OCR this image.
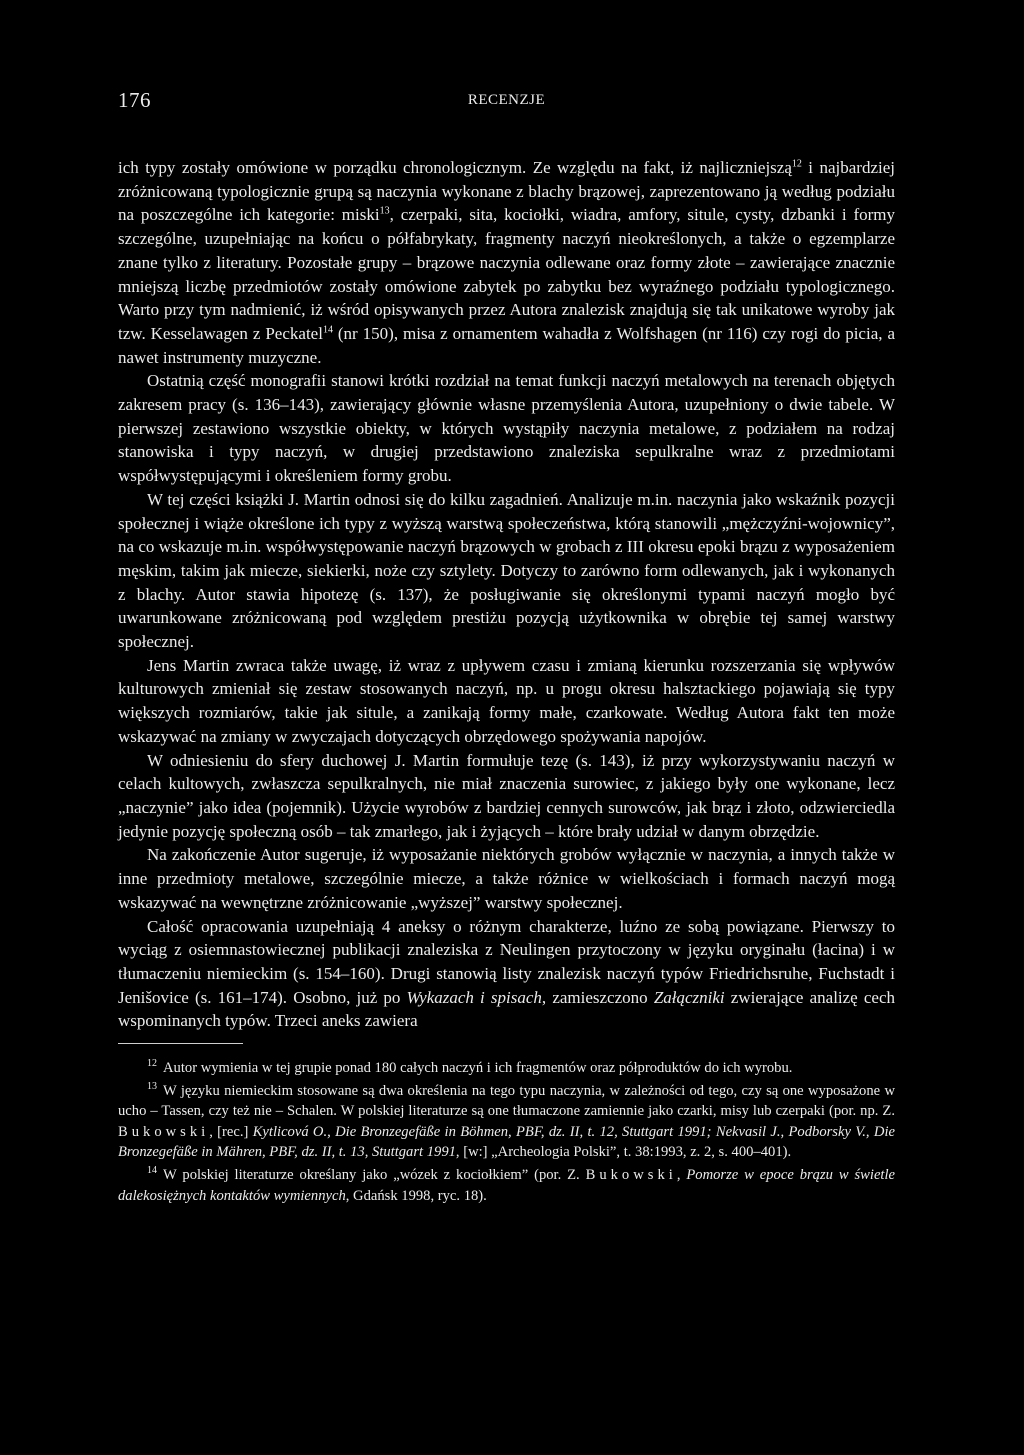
176	RECENZJE

ich typy zostały omówione w porządku chronologicznym. Ze względu na fakt, iż najliczniejszą$^{12}$ i najbardziej zróżnicowaną typologicznie grupą są naczynia wykonane z blachy brązowej, zaprezentowano ją według podziału na poszczególne ich kategorie: miski$^{13}$, czerpaki, sita, kociołki, wiadra, amfory, situle, cysty, dzbanki i formy szczególne, uzupełniając na końcu o półfabrykaty, fragmenty naczyń nieokreślonych, a także o egzemplarze znane tylko z literatury. Pozostałe grupy – brązowe naczynia odlewane oraz formy złote – zawierające znacznie mniejszą liczbę przedmiotów zostały omówione zabytek po zabytku bez wyraźnego podziału typologicznego. Warto przy tym nadmienić, iż wśród opisywanych przez Autora znalezisk znajdują się tak unikatowe wyroby jak tzw. Kesselawagen z Peckatel$^{14}$ (nr 150), misa z ornamentem wahadła z Wolfshagen (nr 116) czy rogi do picia, a nawet instrumenty muzyczne.

Ostatnią część monografii stanowi krótki rozdział na temat funkcji naczyń metalowych na terenach objętych zakresem pracy (s. 136–143), zawierający głównie własne przemyślenia Autora, uzupełniony o dwie tabele. W pierwszej zestawiono wszystkie obiekty, w których wystąpiły naczynia metalowe, z podziałem na rodzaj stanowiska i typy naczyń, w drugiej przedstawiono znaleziska sepulkralne wraz z przedmiotami współwystępującymi i określeniem formy grobu.

W tej części książki J. Martin odnosi się do kilku zagadnień. Analizuje m.in. naczynia jako wskaźnik pozycji społecznej i wiąże określone ich typy z wyższą warstwą społeczeństwa, którą stanowili „mężczyźni-wojownicy”, na co wskazuje m.in. współwystępowanie naczyń brązowych w grobach z III okresu epoki brązu z wyposażeniem męskim, takim jak miecze, siekierki, noże czy sztylety. Dotyczy to zarówno form odlewanych, jak i wykonanych z blachy. Autor stawia hipotezę (s. 137), że posługiwanie się określonymi typami naczyń mogło być uwarunkowane zróżnicowaną pod względem prestiżu pozycją użytkownika w obrębie tej samej warstwy społecznej.

Jens Martin zwraca także uwagę, iż wraz z upływem czasu i zmianą kierunku rozszerzania się wpływów kulturowych zmieniał się zestaw stosowanych naczyń, np. u progu okresu halsztackiego pojawiają się typy większych rozmiarów, takie jak situle, a zanikają formy małe, czarkowate. Według Autora fakt ten może wskazywać na zmiany w zwyczajach dotyczących obrzędowego spożywania napojów.

W odniesieniu do sfery duchowej J. Martin formułuje tezę (s. 143), iż przy wykorzystywaniu naczyń w celach kultowych, zwłaszcza sepulkralnych, nie miał znaczenia surowiec, z jakiego były one wykonane, lecz „naczynie” jako idea (pojemnik). Użycie wyrobów z bardziej cennych surowców, jak brąz i złoto, odzwierciedla jedynie pozycję społeczną osób – tak zmarłego, jak i żyjących – które brały udział w danym obrzędzie.

Na zakończenie Autor sugeruje, iż wyposażanie niektórych grobów wyłącznie w naczynia, a innych także w inne przedmioty metalowe, szczególnie miecze, a także różnice w wielkościach i formach naczyń mogą wskazywać na wewnętrzne zróżnicowanie „wyższej” warstwy społecznej.

Całość opracowania uzupełniają 4 aneksy o różnym charakterze, luźno ze sobą powiązane. Pierwszy to wyciąg z osiemnastowiecznej publikacji znaleziska z Neulingen przytoczony w języku oryginału (łacina) i w tłumaczeniu niemieckim (s. 154–160). Drugi stanowią listy znalezisk naczyń typów Friedrichsruhe, Fuchstadt i Jenišovice (s. 161–174). Osobno, już po Wykazach i spisach, zamieszczono Załączniki zwierające analizę cech wspominanych typów. Trzeci aneks zawiera

$^{12}$ Autor wymienia w tej grupie ponad 180 całych naczyń i ich fragmentów oraz półproduktów do ich wyrobu.

$^{13}$ W języku niemieckim stosowane są dwa określenia na tego typu naczynia, w zależności od tego, czy są one wyposażone w ucho – Tassen, czy też nie – Schalen. W polskiej literaturze są one tłumaczone zamiennie jako czarki, misy lub czerpaki (por. np. Z. Bukowski, [rec.] Kytlicová O., Die Bronzegefäße in Böhmen, PBF, dz. II, t. 12, Stuttgart 1991; Nekvasil J., Podborsky V., Die Bronzegefäße in Mähren, PBF, dz. II, t. 13, Stuttgart 1991, [w:] „Archeologia Polski”, t. 38:1993, z. 2, s. 400–401).

$^{14}$ W polskiej literaturze określany jako „wózek z kociołkiem” (por. Z. Bukowski, Pomorze w epoce brązu w świetle dalekosiężnych kontaktów wymiennych, Gdańsk 1998, ryc. 18).
